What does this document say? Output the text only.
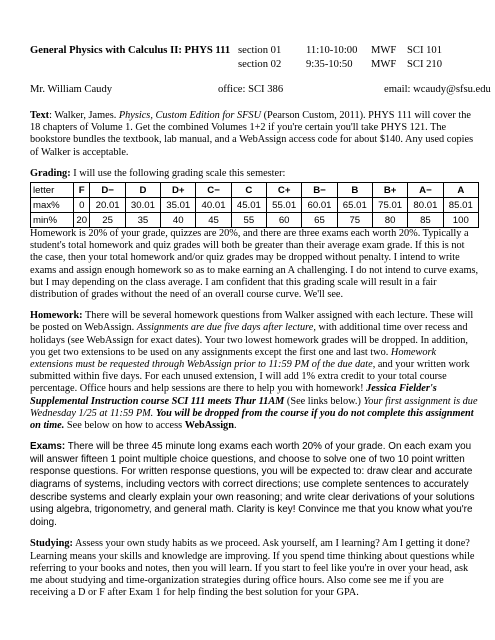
General Physics with Calculus II: PHYS 111 section 01 11:10-10:00 MWF SCI 101
section 02 9:35-10:50 MWF SCI 210
Mr. William Caudy	office: SCI 386	email: wcaudy@sfsu.edu

Text: Walker, James. Physics, Custom Edition for SFSU (Pearson Custom, 2011). PHYS 111 will cover the 18 chapters of Volume 1. Get the combined Volumes 1+2 if you're certain you'll take PHYS 121. The bookstore bundles the textbook, lab manual, and a WebAssign access code for about $140. Any used copies of Walker is acceptable.

Grading: I will use the following grading scale this semester:

letter	F	D−	D	D+	C−	C	C+	B−	B	B+	A−	A
max%	0	20.01	30.01	35.01	40.01	45.01	55.01	60.01	65.01	75.01	80.01	85.01
min%	20	25	35	40	45	55	60	65	75	80	85	100

Homework is 20% of your grade, quizzes are 20%, and there are three exams each worth 20%. Typically a student's total homework and quiz grades will both be greater than their average exam grade. If this is not the case, then your total homework and/or quiz grades may be dropped without penalty. I intend to write exams and assign enough homework so as to make earning an A challenging. I do not intend to curve exams, but I may depending on the class average. I am confident that this grading scale will result in a fair distribution of grades without the need of an overall course curve. We'll see.

Homework: There will be several homework questions from Walker assigned with each lecture. These will be posted on WebAssign. Assignments are due five days after lecture, with additional time over recess and holidays (see WebAssign for exact dates). Your two lowest homework grades will be dropped. In addition, you get two extensions to be used on any assignments except the first one and last two. Homework extensions must be requested through WebAssign prior to 11:59 PM of the due date, and your written work submitted within five days. For each unused extension, I will add 1% extra credit to your total course percentage. Office hours and help sessions are there to help you with homework! Jessica Fielder's Supplemental Instruction course SCI 111 meets Thur 11AM (See links below.) Your first assignment is due Wednesday 1/25 at 11:59 PM. You will be dropped from the course if you do not complete this assignment on time. See below on how to access WebAssign.

Exams: There will be three 45 minute long exams each worth 20% of your grade. On each exam you will answer fifteen 1 point multiple choice questions, and choose to solve one of two 10 point written response questions. For written response questions, you will be expected to: draw clear and accurate diagrams of systems, including vectors with correct directions; use complete sentences to accurately describe systems and clearly explain your own reasoning; and write clear derivations of your solutions using algebra, trigonometry, and general math. Clarity is key! Convince me that you know what you're doing.

Studying: Assess your own study habits as we proceed. Ask yourself, am I learning? Am I getting it done? Learning means your skills and knowledge are improving. If you spend time thinking about questions while referring to your books and notes, then you will learn. If you start to feel like you're in over your head, ask me about studying and time-organization strategies during office hours. Also come see me if you are receiving a D or F after Exam 1 for help finding the best solution for your GPA.
